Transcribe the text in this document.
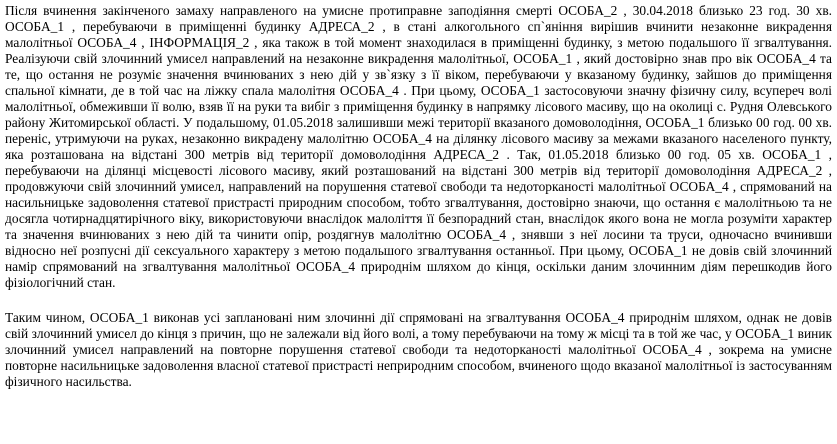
Після вчинення закінченого замаху направленого на умисне протиправне заподіяння смерті ОСОБА_2 , 30.04.2018 близько 23 год. 30 хв. ОСОБА_1 , перебуваючи в приміщенні будинку АДРЕСА_2 , в стані алкогольного сп`яніння вирішив вчинити незаконне викрадення малолітньої ОСОБА_4 , ІНФОРМАЦІЯ_2 , яка також в той момент знаходилася в приміщенні будинку, з метою подальшого її згвалтування. Реалізуючи свій злочинний умисел направлений на незаконне викрадення малолітньої, ОСОБА_1 , який достовірно знав про вік ОСОБА_4 та те, що остання не розуміє значення вчинюваних з нею дій у зв`язку з її віком, перебуваючи у вказаному будинку, зайшов до приміщення спальної кімнати, де в той час на ліжку спала малолітня ОСОБА_4 . При цьому, ОСОБА_1 застосовуючи значну фізичну силу, всупереч волі малолітньої, обмеживши її волю, взяв її на руки та вибіг з приміщення будинку в напрямку лісового масиву, що на околиці с. Рудня Олевського району Житомирської області. У подальшому, 01.05.2018 залишивши межі території вказаного домоволодіння, ОСОБА_1 близько 00 год. 00 хв. переніс, утримуючи на руках, незаконно викрадену малолітню ОСОБА_4 на ділянку лісового масиву за межами вказаного населеного пункту, яка розташована на відстані 300 метрів від території домоволодіння АДРЕСА_2 . Так, 01.05.2018 близько 00 год. 05 хв. ОСОБА_1 , перебуваючи на ділянці місцевості лісового масиву, який розташований на відстані 300 метрів від території домоволодіння АДРЕСА_2 , продовжуючи свій злочинний умисел, направлений на порушення статевої свободи та недоторканості малолітньої ОСОБА_4 , спрямований на насильницьке задоволення статевої пристрасті природним способом, тобто згвалтування, достовірно знаючи, що остання є малолітньою та не досягла чотирнадцятирічного віку, використовуючи внаслідок малоліття її безпорадний стан, внаслідок якого вона не могла розуміти характер та значення вчинюваних з нею дій та чинити опір, роздягнув малолітню ОСОБА_4 , знявши з неї лосини та труси, одночасно вчинивши відносно неї розпусні дії сексуального характеру з метою подальшого згвалтування останньої. При цьому, ОСОБА_1 не довів свій злочинний намір спрямований на згвалтування малолітньої ОСОБА_4 природнім шляхом до кінця, оскільки даним злочинним діям перешкодив його фізіологічний стан.

Таким чином, ОСОБА_1 виконав усі заплановані ним злочинні дії спрямовані на згвалтування ОСОБА_4 природнім шляхом, однак не довів свій злочинний умисел до кінця з причин, що не залежали від його волі, а тому перебуваючи на тому ж місці та в той же час, у ОСОБА_1 виник злочинний умисел направлений на повторне порушення статевої свободи та недоторканості малолітньої ОСОБА_4 , зокрема на умисне повторне насильницьке задоволення власної статевої пристрасті неприродним способом, вчиненого щодо вказаної малолітньої із застосуванням фізичного насильства.
